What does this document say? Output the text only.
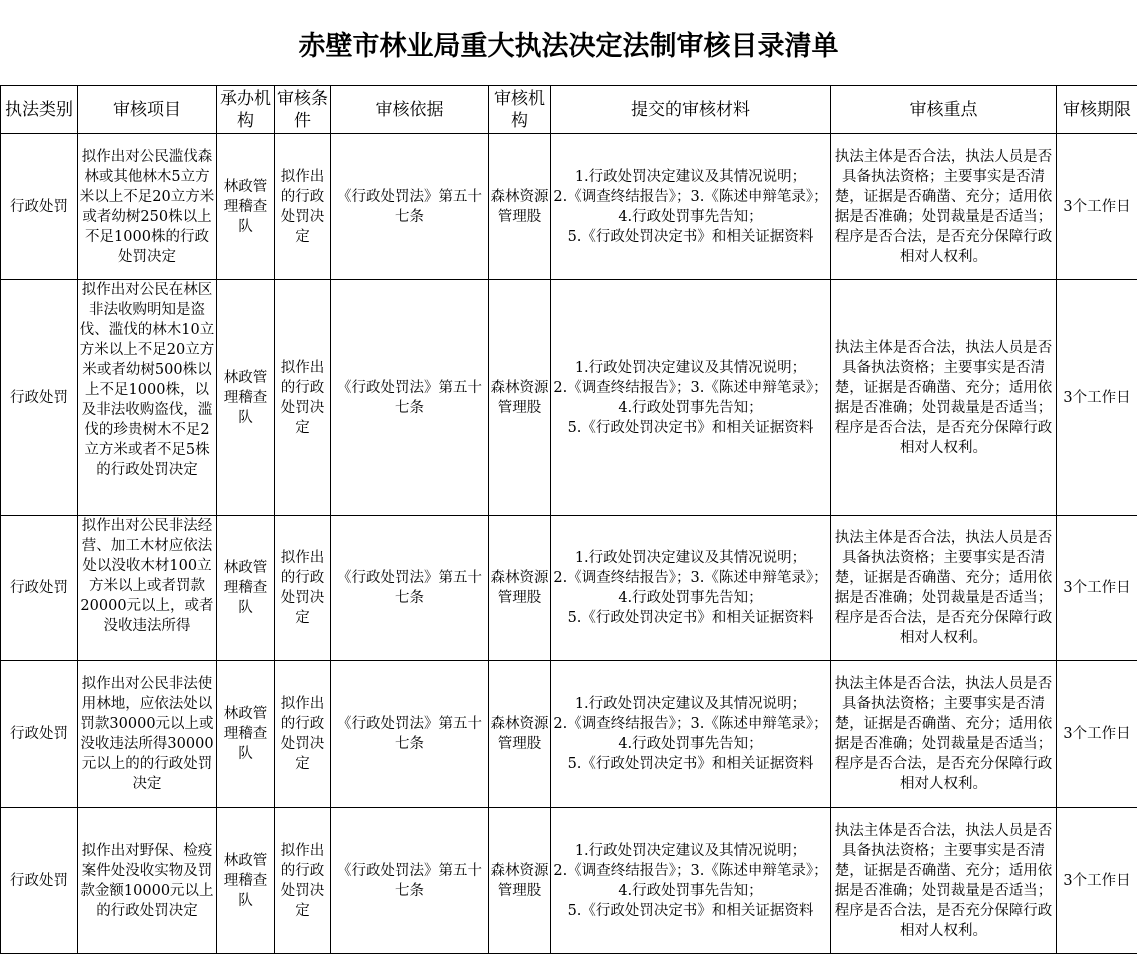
赤壁市林业局重大执法决定法制审核目录清单
执法类别	审核项目	承办机构	审核条件	审核依据	审核机构	提交的审核材料	审核重点	审核期限

行政处罚	拟作出对公民滥伐森林或其他林木5立方米以上不足20立方米或者幼树250株以上不足1000株的行政处罚决定	林政管理稽查队	拟作出的行政处罚决定	《行政处罚法》第五十七条	森林资源管理股	1.行政处罚决定建议及其情况说明；
2.《调查终结报告》；3.《陈述申辩笔录》；4.行政处罚事先告知；
5.《行政处罚决定书》和相关证据资料	执法主体是否合法，执法人员是否具备执法资格；主要事实是否清楚，证据是否确凿、充分；适用依据是否准确；处罚裁量是否适当；程序是否合法，是否充分保障行政相对人权利。	3个工作日

行政处罚	拟作出对公民在林区非法收购明知是盗伐、滥伐的林木10立方米以上不足20立方米或者幼树500株以上不足1000株，以及非法收购盗伐，滥伐的珍贵树木不足2立方米或者不足5株的行政处罚决定	林政管理稽查队	拟作出的行政处罚决定	《行政处罚法》第五十七条	森林资源管理股	1.行政处罚决定建议及其情况说明；
2.《调查终结报告》；3.《陈述申辩笔录》；4.行政处罚事先告知；
5.《行政处罚决定书》和相关证据资料	执法主体是否合法，执法人员是否具备执法资格；主要事实是否清楚，证据是否确凿、充分；适用依据是否准确；处罚裁量是否适当；程序是否合法，是否充分保障行政相对人权利。	3个工作日

行政处罚	拟作出对公民非法经营、加工木材应依法处以没收木材100立方米以上或者罚款20000元以上，或者没收违法所得	林政管理稽查队	拟作出的行政处罚决定	《行政处罚法》第五十七条	森林资源管理股	1.行政处罚决定建议及其情况说明；
2.《调查终结报告》；3.《陈述申辩笔录》；4.行政处罚事先告知；
5.《行政处罚决定书》和相关证据资料	执法主体是否合法，执法人员是否具备执法资格；主要事实是否清楚，证据是否确凿、充分；适用依据是否准确；处罚裁量是否适当；程序是否合法，是否充分保障行政相对人权利。	3个工作日

行政处罚	拟作出对公民非法使用林地，应依法处以罚款30000元以上或没收违法所得30000元以上的的行政处罚决定	林政管理稽查队	拟作出的行政处罚决定	《行政处罚法》第五十七条	森林资源管理股	1.行政处罚决定建议及其情况说明；
2.《调查终结报告》；3.《陈述申辩笔录》；4.行政处罚事先告知；
5.《行政处罚决定书》和相关证据资料	执法主体是否合法，执法人员是否具备执法资格；主要事实是否清楚，证据是否确凿、充分；适用依据是否准确；处罚裁量是否适当；程序是否合法，是否充分保障行政相对人权利。	3个工作日

行政处罚	拟作出对野保、检疫案件处没收实物及罚款金额10000元以上的行政处罚决定	林政管理稽查队	拟作出的行政处罚决定	《行政处罚法》第五十七条	森林资源管理股	1.行政处罚决定建议及其情况说明；
2.《调查终结报告》；3.《陈述申辩笔录》；4.行政处罚事先告知；
5.《行政处罚决定书》和相关证据资料	执法主体是否合法，执法人员是否具备执法资格；主要事实是否清楚，证据是否确凿、充分；适用依据是否准确；处罚裁量是否适当；程序是否合法，是否充分保障行政相对人权利。	3个工作日
